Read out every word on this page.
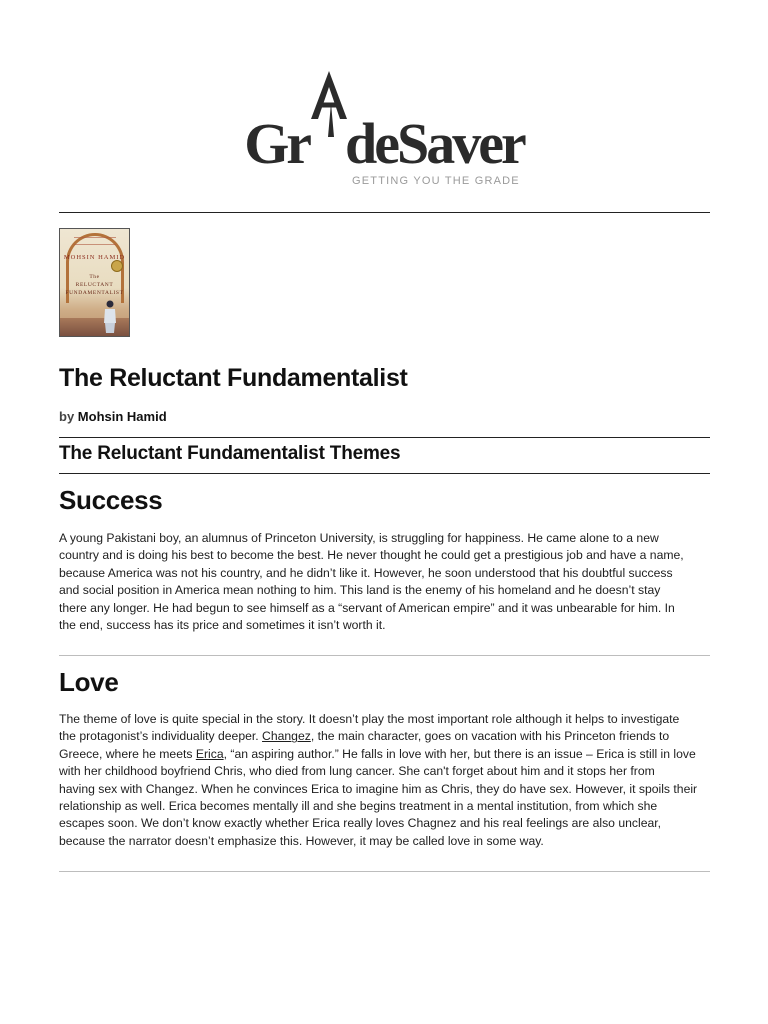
Gr deSaver
GETTING YOU THE GRADE
MOHSIN HAMID
The
RELUCTANT
FUNDAMENTALIST
The Reluctant Fundamentalist
by Mohsin Hamid
The Reluctant Fundamentalist Themes
Success
A young Pakistani boy, an alumnus of Princeton University, is struggling for happiness. He came alone to a new
country and is doing his best to become the best. He never thought he could get a prestigious job and have a name,
because America was not his country, and he didn’t like it. However, he soon understood that his doubtful success
and social position in America mean nothing to him. This land is the enemy of his homeland and he doesn’t stay
there any longer. He had begun to see himself as a “servant of American empire” and it was unbearable for him. In
the end, success has its price and sometimes it isn’t worth it.
Love
The theme of love is quite special in the story. It doesn’t play the most important role although it helps to investigate
the protagonist’s individuality deeper. Changez, the main character, goes on vacation with his Princeton friends to
Greece, where he meets Erica, “an aspiring author.” He falls in love with her, but there is an issue – Erica is still in love
with her childhood boyfriend Chris, who died from lung cancer. She can't forget about him and it stops her from
having sex with Changez. When he convinces Erica to imagine him as Chris, they do have sex. However, it spoils their
relationship as well. Erica becomes mentally ill and she begins treatment in a mental institution, from which she
escapes soon. We don’t know exactly whether Erica really loves Chagnez and his real feelings are also unclear,
because the narrator doesn’t emphasize this. However, it may be called love in some way.
